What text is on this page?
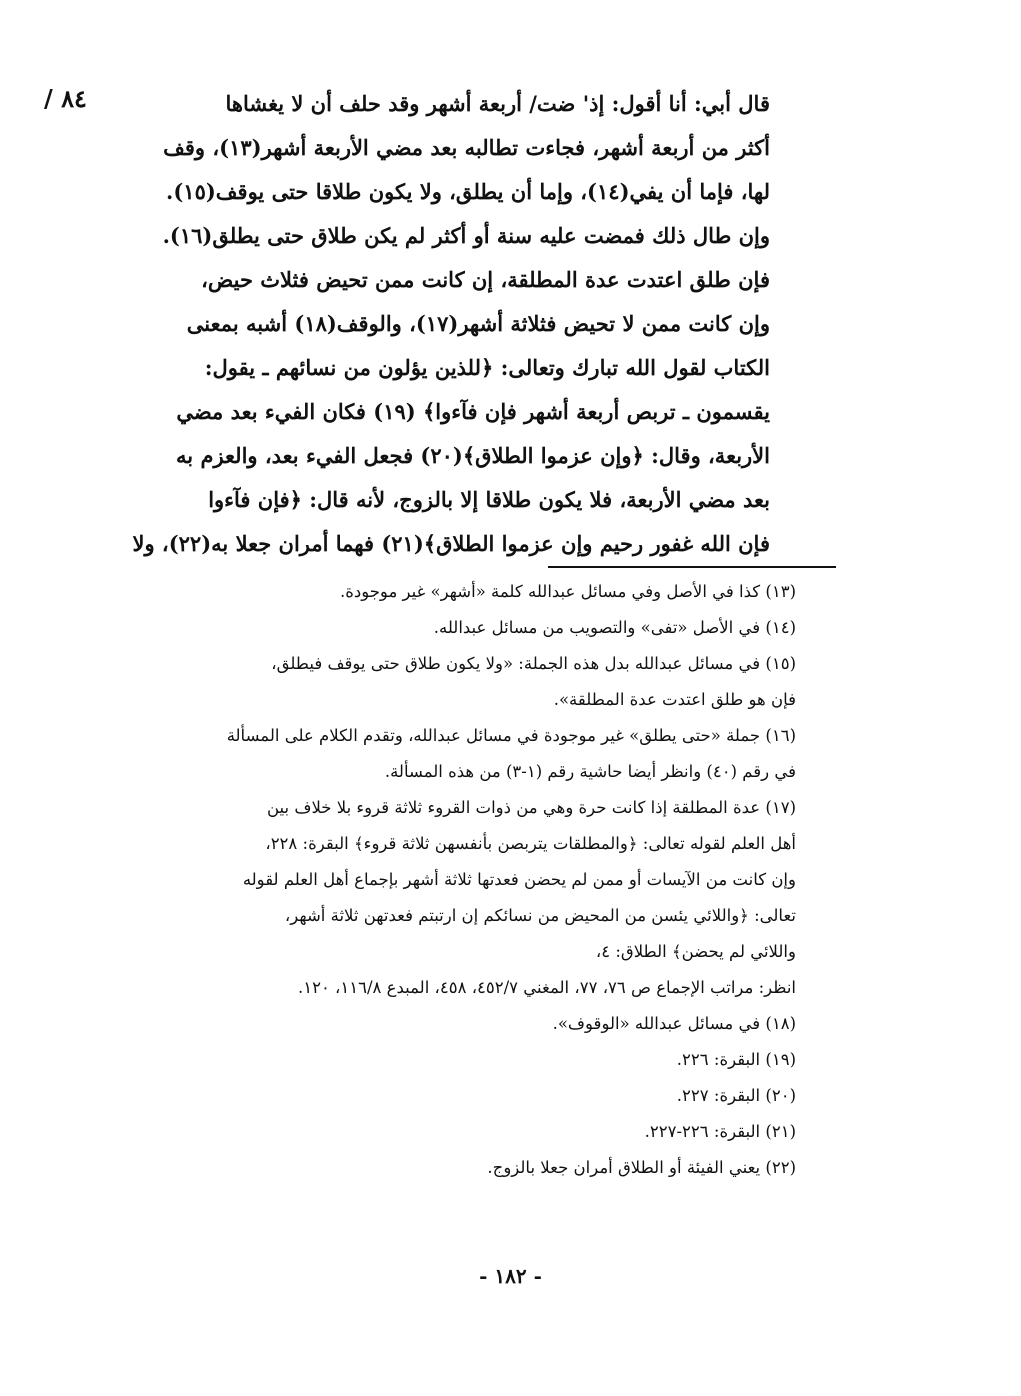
٨٤ /	قال أبي: أنا أقول: إذ' ضت/ أربعة أشهر وقد حلف أن لا يغشاها
أكثر من أربعة أشهر، فجاءت تطالبه بعد مضي الأربعة أشهر(١٣)، وقف
لها، فإما أن يفي(١٤)، وإما أن يطلق، ولا يكون طلاقا حتى يوقف(١٥).
وإن طال ذلك فمضت عليه سنة أو أكثر لم يكن طلاق حتى يطلق(١٦).
فإن طلق اعتدت عدة المطلقة، إن كانت ممن تحيض فثلاث حيض،
وإن كانت ممن لا تحيض فثلاثة أشهر(١٧)، والوقف(١٨) أشبه بمعنى
الكتاب لقول الله تبارك وتعالى: ﴿للذين يؤلون من نسائهم ـ يقول:
يقسمون ـ تربص أربعة أشهر فإن فآءوا﴾ (١٩) فكان الفيء بعد مضي
الأربعة، وقال: ﴿وإن عزموا الطلاق﴾(٢٠) فجعل الفيء بعد، والعزم به
بعد مضي الأربعة، فلا يكون طلاقا إلا بالزوج، لأنه قال: ﴿فإن فآءوا
فإن الله غفور رحيم وإن عزموا الطلاق﴾(٢١) فهما أمران جعلا به(٢٢)، ولا
(١٣) كذا في الأصل وفي مسائل عبدالله كلمة «أشهر» غير موجودة.
(١٤) في الأصل «تفى» والتصويب من مسائل عبدالله.
(١٥) في مسائل عبدالله بدل هذه الجملة: «ولا يكون طلاق حتى يوقف فيطلق،
فإن هو طلق اعتدت عدة المطلقة».
(١٦) جملة «حتى يطلق» غير موجودة في مسائل عبدالله، وتقدم الكلام على المسألة
في رقم (٤٠) وانظر أيضا حاشية رقم (١-٣) من هذه المسألة.
(١٧) عدة المطلقة إذا كانت حرة وهي من ذوات القروء ثلاثة قروء بلا خلاف بين
أهل العلم لقوله تعالى: ﴿والمطلقات يتربصن بأنفسهن ثلاثة قروء﴾ البقرة: ٢٢٨،
وإن كانت من الآيسات أو ممن لم يحضن فعدتها ثلاثة أشهر بإجماع أهل العلم لقوله
تعالى: ﴿واللائي يئسن من المحيض من نسائكم إن ارتبتم فعدتهن ثلاثة أشهر،
واللائي لم يحضن﴾ الطلاق: ٤،
انظر: مراتب الإجماع ص ٧٦، ٧٧، المغني ٤٥٢/٧، ٤٥٨، المبدع ١١٦/٨، ١٢٠.
(١٨) في مسائل عبدالله «الوقوف».
(١٩) البقرة: ٢٢٦.
(٢٠) البقرة: ٢٢٧.
(٢١) البقرة: ٢٢٦-٢٢٧.
(٢٢) يعني الفيئة أو الطلاق أمران جعلا بالزوج.
- ١٨٢ -
